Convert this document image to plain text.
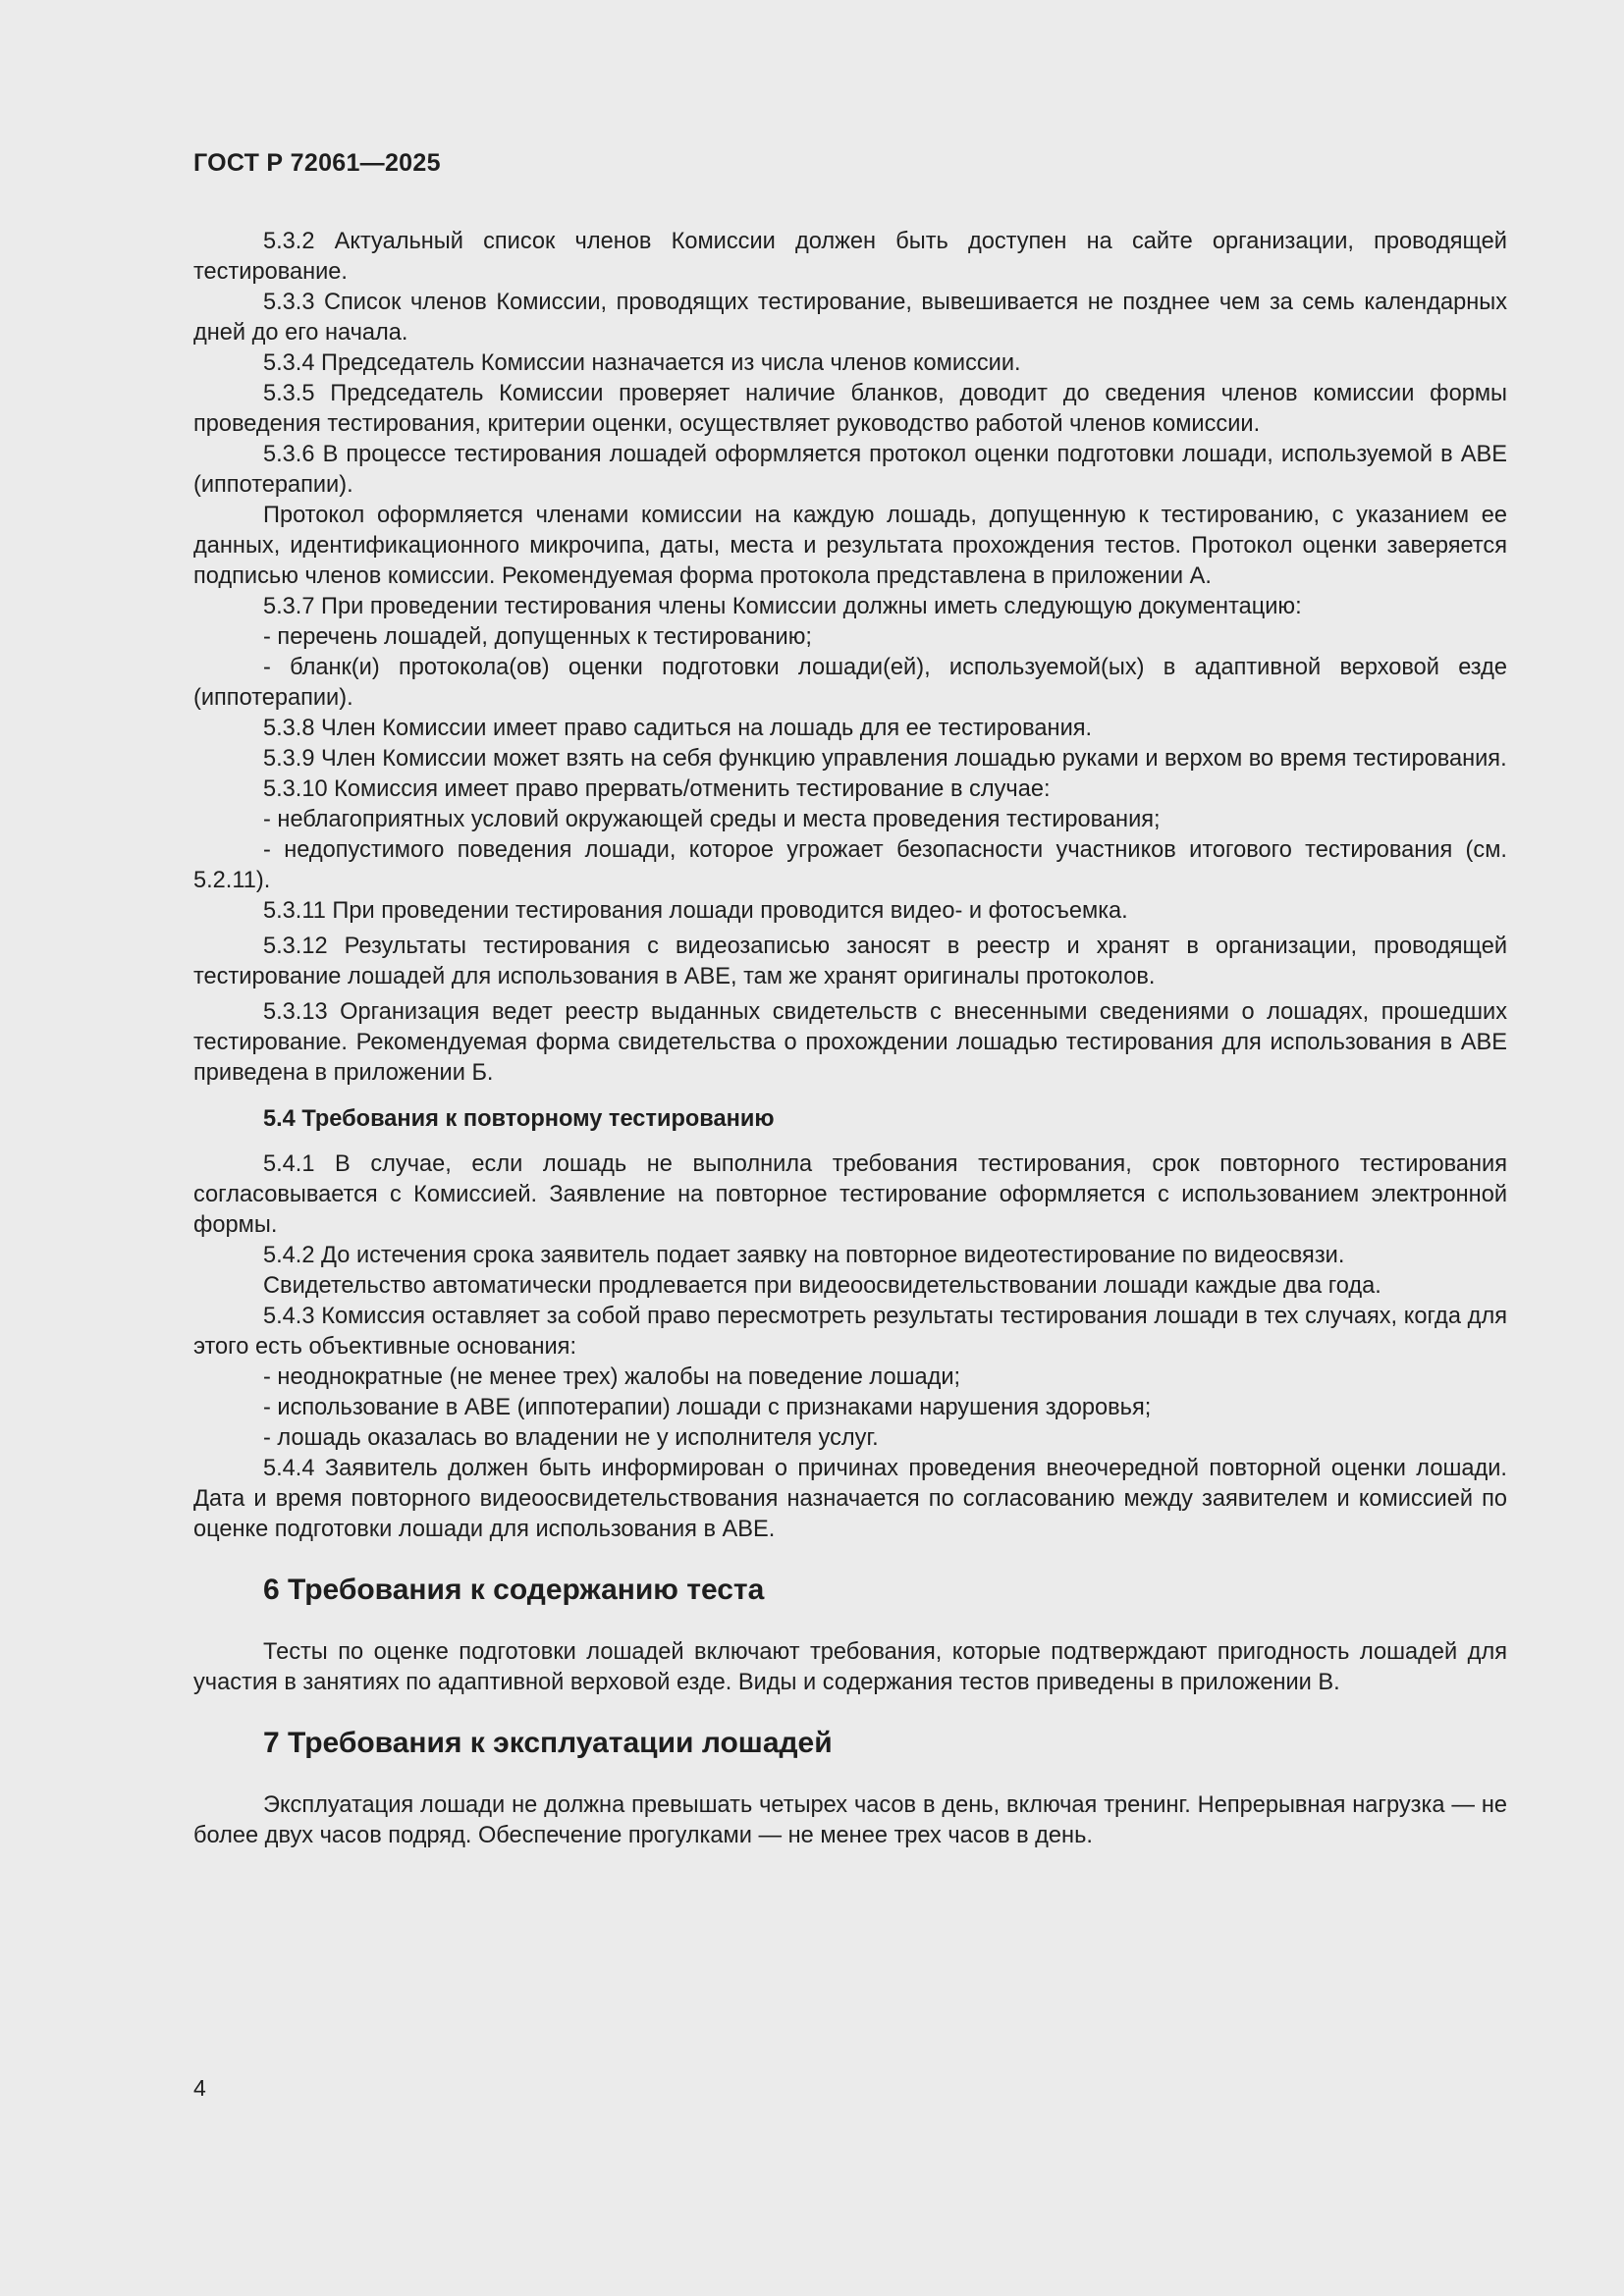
ГОСТ Р 72061—2025

5.3.2 Актуальный список членов Комиссии должен быть доступен на сайте организации, проводящей тестирование.

5.3.3 Список членов Комиссии, проводящих тестирование, вывешивается не позднее чем за семь календарных дней до его начала.

5.3.4 Председатель Комиссии назначается из числа членов комиссии.

5.3.5 Председатель Комиссии проверяет наличие бланков, доводит до сведения членов комиссии формы проведения тестирования, критерии оценки, осуществляет руководство работой членов комиссии.

5.3.6 В процессе тестирования лошадей оформляется протокол оценки подготовки лошади, используемой в АВЕ (иппотерапии).

Протокол оформляется членами комиссии на каждую лошадь, допущенную к тестированию, с указанием ее данных, идентификационного микрочипа, даты, места и результата прохождения тестов. Протокол оценки заверяется подписью членов комиссии. Рекомендуемая форма протокола представлена в приложении А.

5.3.7 При проведении тестирования члены Комиссии должны иметь следующую документацию:

- перечень лошадей, допущенных к тестированию;

- бланк(и) протокола(ов) оценки подготовки лошади(ей), используемой(ых) в адаптивной верховой езде (иппотерапии).

5.3.8 Член Комиссии имеет право садиться на лошадь для ее тестирования.

5.3.9 Член Комиссии может взять на себя функцию управления лошадью руками и верхом во время тестирования.

5.3.10 Комиссия имеет право прервать/отменить тестирование в случае:

- неблагоприятных условий окружающей среды и места проведения тестирования;

- недопустимого поведения лошади, которое угрожает безопасности участников итогового тестирования (см. 5.2.11).

5.3.11 При проведении тестирования лошади проводится видео- и фотосъемка.

5.3.12 Результаты тестирования с видеозаписью заносят в реестр и хранят в организации, проводящей тестирование лошадей для использования в АВЕ, там же хранят оригиналы протоколов.

5.3.13 Организация ведет реестр выданных свидетельств с внесенными сведениями о лошадях, прошедших тестирование. Рекомендуемая форма свидетельства о прохождении лошадью тестирования для использования в АВЕ приведена в приложении Б.

5.4 Требования к повторному тестированию

5.4.1 В случае, если лошадь не выполнила требования тестирования, срок повторного тестирования согласовывается с Комиссией. Заявление на повторное тестирование оформляется с использованием электронной формы.

5.4.2 До истечения срока заявитель подает заявку на повторное видеотестирование по видеосвязи.

Свидетельство автоматически продлевается при видеоосвидетельствовании лошади каждые два года.

5.4.3 Комиссия оставляет за собой право пересмотреть результаты тестирования лошади в тех случаях, когда для этого есть объективные основания:

- неоднократные (не менее трех) жалобы на поведение лошади;

- использование в АВЕ (иппотерапии) лошади с признаками нарушения здоровья;

- лошадь оказалась во владении не у исполнителя услуг.

5.4.4 Заявитель должен быть информирован о причинах проведения внеочередной повторной оценки лошади. Дата и время повторного видеоосвидетельствования назначается по согласованию между заявителем и комиссией по оценке подготовки лошади для использования в АВЕ.

6 Требования к содержанию теста

Тесты по оценке подготовки лошадей включают требования, которые подтверждают пригодность лошадей для участия в занятиях по адаптивной верховой езде. Виды и содержания тестов приведены в приложении В.

7 Требования к эксплуатации лошадей

Эксплуатация лошади не должна превышать четырех часов в день, включая тренинг. Непрерывная нагрузка — не более двух часов подряд. Обеспечение прогулками — не менее трех часов в день.

4
